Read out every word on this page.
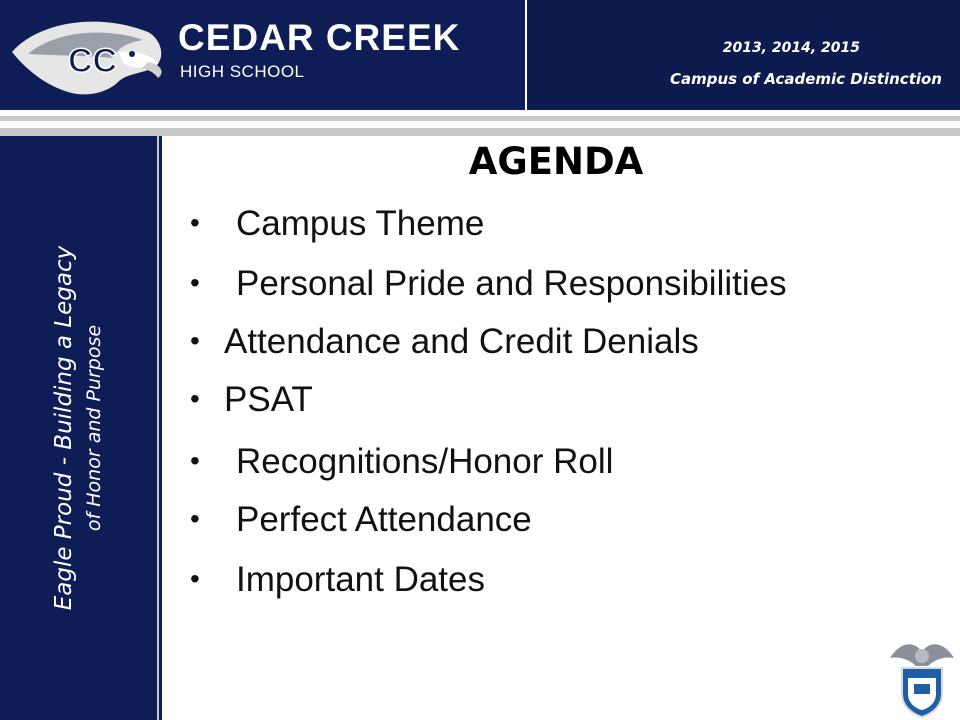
CC
CEDAR CREEK
HIGH SCHOOL
2013, 2014, 2015
Campus of Academic Distinction
Eagle Proud - Building a Legacy of Honor and Purpose
AGENDA
• Campus Theme
• Personal Pride and Responsibilities
• Attendance and Credit Denials
• PSAT
• Recognitions/Honor Roll
• Perfect Attendance
• Important Dates
